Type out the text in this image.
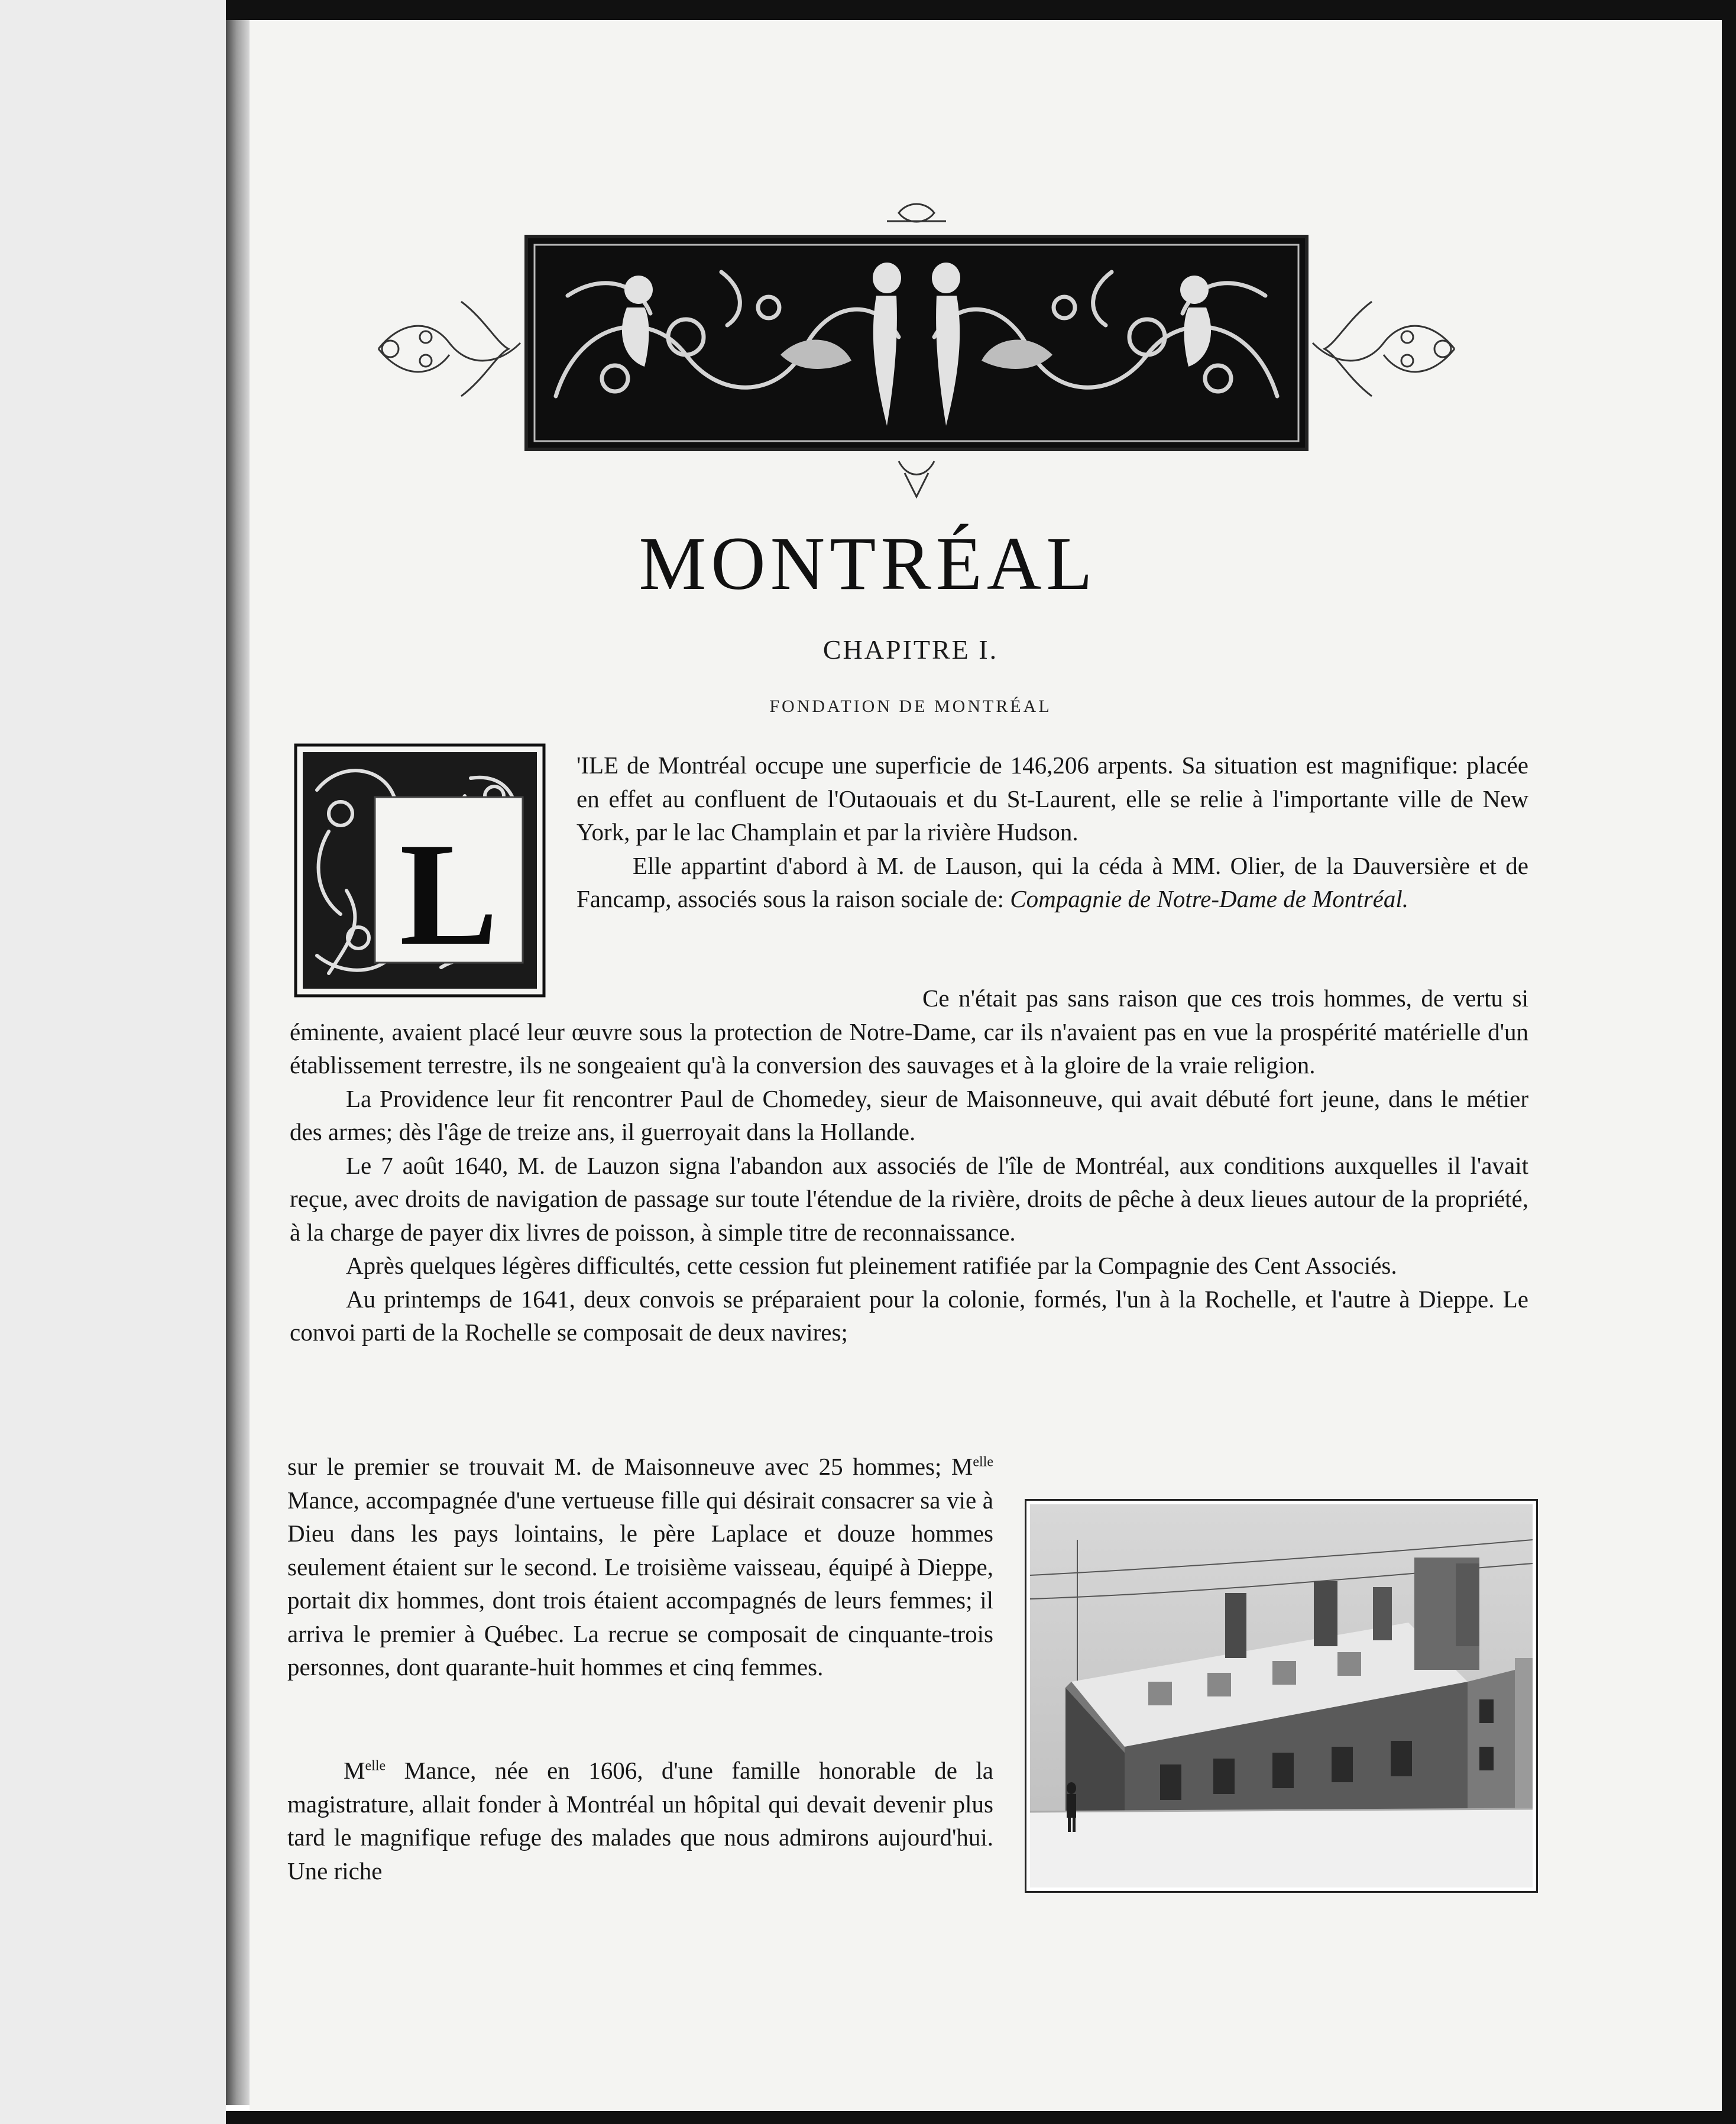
MONTRÉAL
CHAPITRE I.
FONDATION DE MONTRÉAL
L

'ILE de Montréal occupe une superficie de 146,206 arpents. Sa situation est magnifique: placée en effet au confluent de l'Outaouais et du St-Laurent, elle se relie à l'importante ville de New York, par le lac Champlain et par la rivière Hudson.

Elle appartint d'abord à M. de Lauson, qui la céda à MM. Olier, de la Dauversière et de Fancamp, associés sous la raison sociale de: Compagnie de Notre-Dame de Montréal.

Ce n'était pas sans raison que ces trois hommes, de vertu si éminente, avaient placé leur œuvre sous la protection de Notre-Dame, car ils n'avaient pas en vue la prospérité matérielle d'un établissement terrestre, ils ne songeaient qu'à la conversion des sauvages et à la gloire de la vraie religion.

La Providence leur fit rencontrer Paul de Chomedey, sieur de Maisonneuve, qui avait débuté fort jeune, dans le métier des armes; dès l'âge de treize ans, il guerroyait dans la Hollande.

Le 7 août 1640, M. de Lauzon signa l'abandon aux associés de l'île de Montréal, aux conditions auxquelles il l'avait reçue, avec droits de navigation de passage sur toute l'étendue de la rivière, droits de pêche à deux lieues autour de la propriété, à la charge de payer dix livres de poisson, à simple titre de reconnaissance.

Après quelques légères difficultés, cette cession fut pleinement ratifiée par la Compagnie des Cent Associés.

Au printemps de 1641, deux convois se préparaient pour la colonie, formés, l'un à la Rochelle, et l'autre à Dieppe. Le convoi parti de la Rochelle se composait de deux navires;

sur le premier se trouvait M. de Maisonneuve avec 25 hommes; $M^{elle}$ Mance, accompagnée d'une vertueuse fille qui désirait consacrer sa vie à Dieu dans les pays lointains, le père Laplace et douze hommes seulement étaient sur le second. Le troisième vaisseau, équipé à Dieppe, portait dix hommes, dont trois étaient accompagnés de leurs femmes; il arriva le premier à Québec. La recrue se composait de cinquante-trois personnes, dont quarante-huit hommes et cinq femmes.

$M^{elle}$ Mance, née en 1606, d'une famille honorable de la magistrature, allait fonder à Montréal un hôpital qui devait devenir plus tard le magnifique refuge des malades que nous admirons aujourd'hui. Une riche
